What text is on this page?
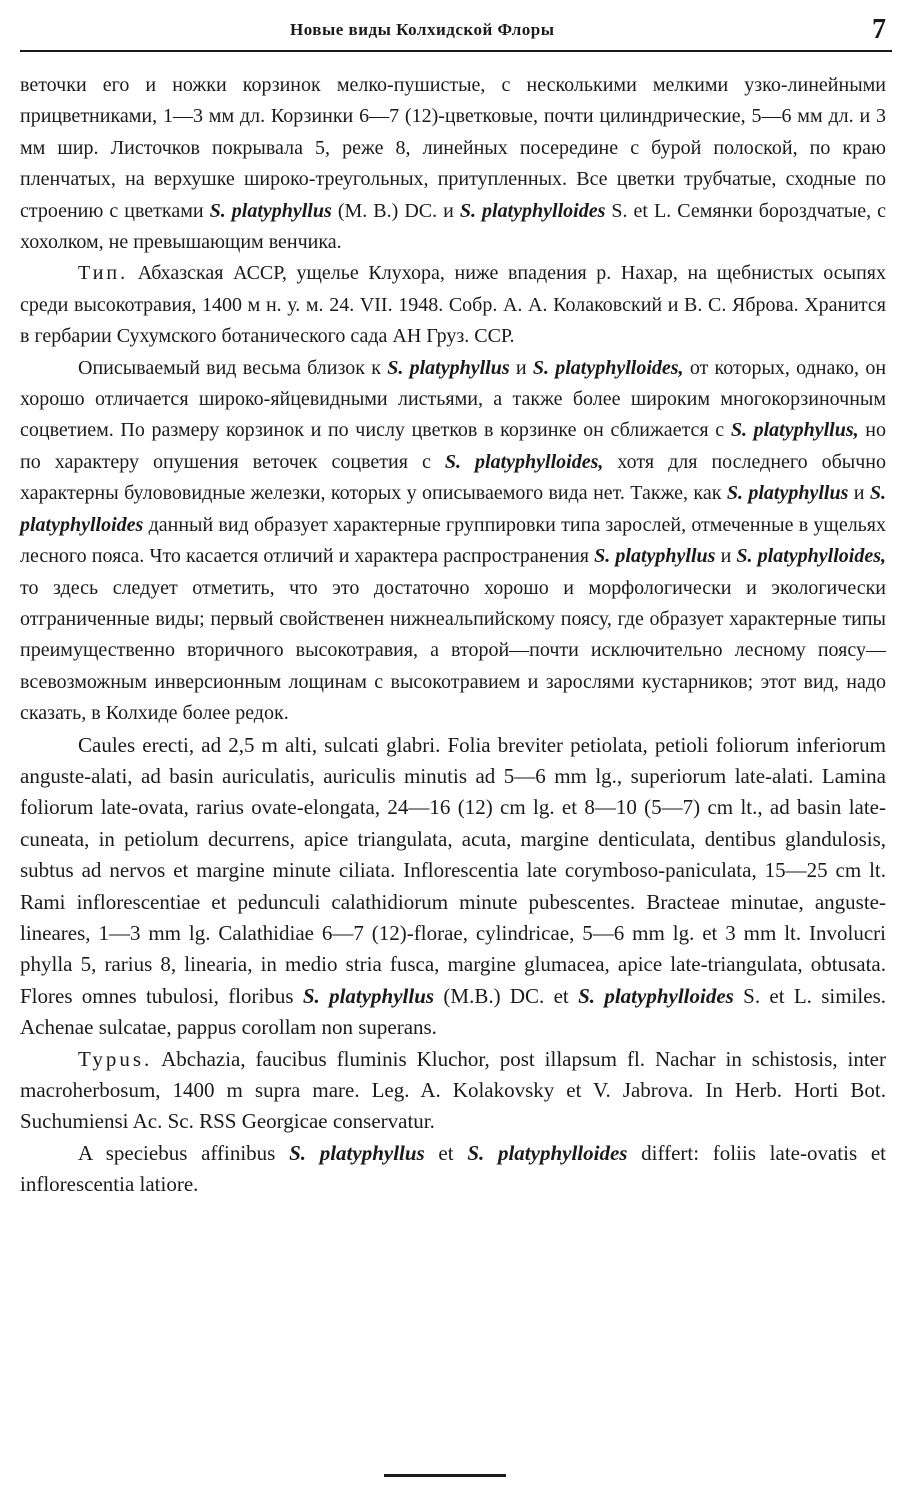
Новые виды Колхидской Флоры	7

веточки его и ножки корзинок мелко-пушистые, с несколькими мелкими узко-линейными прицветниками, 1—3 мм дл. Корзинки 6—7 (12)-цветковые, почти цилиндрические, 5—6 мм дл. и 3 мм шир. Листочков покрывала 5, реже 8, линейных посередине с бурой полоской, по краю пленчатых, на верхушке широко-треугольных, притупленных. Все цветки трубчатые, сходные по строению с цветками S. platyphyllus (M. B.) DC. и S. platyphylloides S. et L. Семянки бороздчатые, с хохолком, не превышающим венчика.

Тип. Абхазская АССР, ущелье Клухора, ниже впадения р. Нахар, на щебнистых осыпях среди высокотравия, 1400 м н. у. м. 24. VII. 1948. Собр. А. А. Колаковский и В. С. Яброва. Хранится в гербарии Сухумского ботанического сада АН Груз. ССР.

Описываемый вид весьма близок к S. platyphyllus и S. platyphylloides, от которых, однако, он хорошо отличается широко-яйцевидными листьями, а также более широким многокорзиночным соцветием. По размеру корзинок и по числу цветков в корзинке он сближается с S. platyphyllus, но по характеру опушения веточек соцветия с S. platyphylloides, хотя для последнего обычно характерны булововидные железки, которых у описываемого вида нет. Также, как S. platyphyllus и S. platyphylloides данный вид образует характерные группировки типа зарослей, отмеченные в ущельях лесного пояса. Что касается отличий и характера распространения S. platyphyllus и S. platyphylloides, то здесь следует отметить, что это достаточно хорошо и морфологически и экологически отграниченные виды; первый свойственен нижнеальпийскому поясу, где образует характерные типы преимущественно вторичного высокотравия, а второй—почти исключительно лесному поясу—всевозможным инверсионным лощинам с высокотравием и зарослями кустарников; этот вид, надо сказать, в Колхиде более редок.

Caules erecti, ad 2,5 m alti, sulcati glabri. Folia breviter petiolata, petioli foliorum inferiorum anguste-alati, ad basin auriculatis, auriculis minutis ad 5—6 mm lg., superiorum late-alati. Lamina foliorum late-ovata, rarius ovate-elongata, 24—16 (12) cm lg. et 8—10 (5—7) cm lt., ad basin late-cuneata, in petiolum decurrens, apice triangulata, acuta, margine denticulata, dentibus glandulosis, subtus ad nervos et margine minute ciliata. Inflorescentia late corymboso-paniculata, 15—25 cm lt. Rami inflorescentiae et pedunculi calathidiorum minute pubescentes. Bracteae minutae, anguste-lineares, 1—3 mm lg. Calathidiae 6—7 (12)-florae, cylindricae, 5—6 mm lg. et 3 mm lt. Involucri phylla 5, rarius 8, linearia, in medio stria fusca, margine glumacea, apice late-triangulata, obtusata. Flores omnes tubulosi, floribus S. platyphyllus (M.B.) DC. et S. platyphylloides S. et L. similes. Achenae sulcatae, pappus corollam non superans.

Typus. Abchazia, faucibus fluminis Kluchor, post illapsum fl. Nachar in schistosis, inter macroherbosum, 1400 m supra mare. Leg. A. Kolakovsky et V. Jabrova. In Herb. Horti Bot. Suchumiensi Ac. Sc. RSS Georgicae conservatur.

A speciebus affinibus S. platyphyllus et S. platyphylloides differt: foliis late-ovatis et inflorescentia latiore.
